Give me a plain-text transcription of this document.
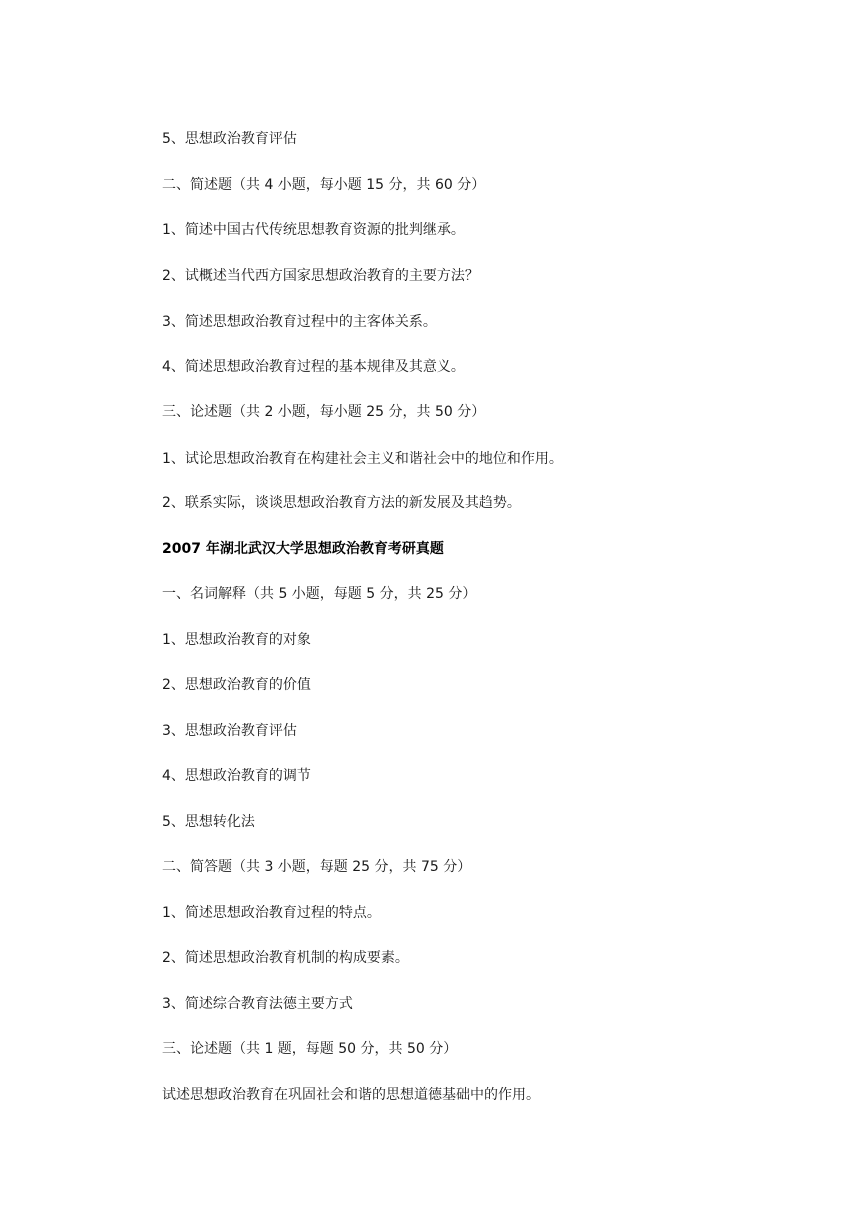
5、思想政治教育评估

二、简述题（共 4 小题，每小题 15 分，共 60 分）

1、简述中国古代传统思想教育资源的批判继承。

2、试概述当代西方国家思想政治教育的主要方法？

3、简述思想政治教育过程中的主客体关系。

4、简述思想政治教育过程的基本规律及其意义。

三、论述题（共 2 小题，每小题 25 分，共 50 分）

1、试论思想政治教育在构建社会主义和谐社会中的地位和作用。

2、联系实际，谈谈思想政治教育方法的新发展及其趋势。

2007 年湖北武汉大学思想政治教育考研真题

一、名词解释（共 5 小题，每题 5 分，共 25 分）

1、思想政治教育的对象

2、思想政治教育的价值

3、思想政治教育评估

4、思想政治教育的调节

5、思想转化法

二、简答题（共 3 小题，每题 25 分，共 75 分）

1、简述思想政治教育过程的特点。

2、简述思想政治教育机制的构成要素。

3、简述综合教育法德主要方式

三、论述题（共 1 题，每题 50 分，共 50 分）

试述思想政治教育在巩固社会和谐的思想道德基础中的作用。
